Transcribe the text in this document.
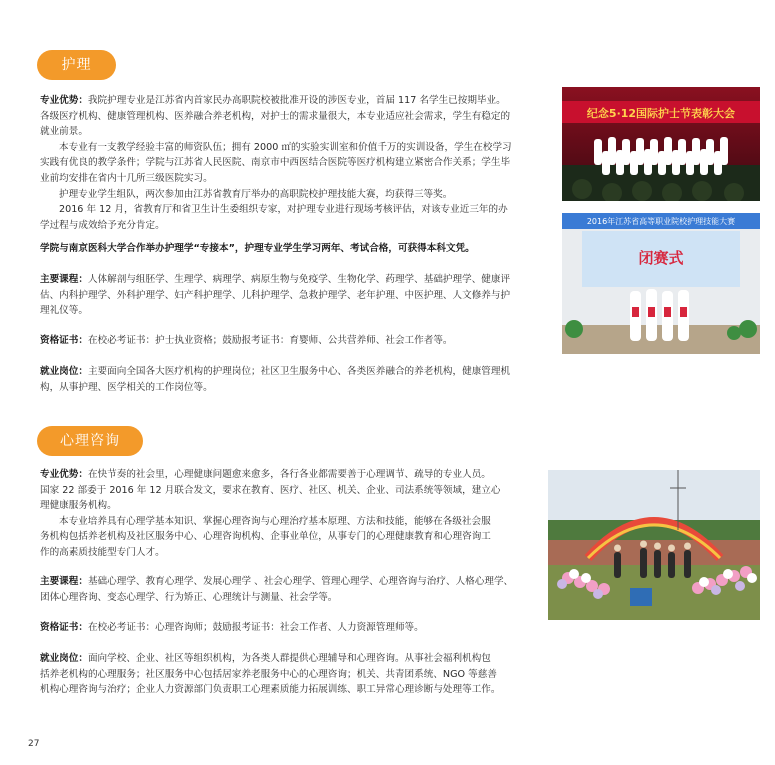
护理
专业优势：我院护理专业是江苏省内首家民办高职院校被批准开设的涉医专业，首届 117 名学生已按期毕业。
各级医疗机构、健康管理机构、医养融合养老机构，对护士的需求量很大，本专业适应社会需求，学生有稳定的
就业前景。
本专业有一支教学经验丰富的师资队伍；拥有 2000 ㎡的实验实训室和价值千万的实训设备，学生在校学习
实践有优良的教学条件；学院与江苏省人民医院、南京市中西医结合医院等医疗机构建立紧密合作关系；学生毕
业前均安排在省内十几所三级医院实习。
护理专业学生组队，两次参加由江苏省教育厅举办的高职院校护理技能大赛，均获得三等奖。
2016 年 12 月，省教育厅和省卫生计生委组织专家，对护理专业进行现场考核评估，对该专业近三年的办
学过程与成效给予充分肯定。
学院与南京医科大学合作举办护理学“专接本”，护理专业学生学习两年、考试合格，可获得本科文凭。
主要课程：人体解剖与组胚学、生理学、病理学、病原生物与免疫学、生物化学、药理学、基础护理学、健康评
估、内科护理学、外科护理学、妇产科护理学、儿科护理学、急救护理学、老年护理、中医护理、人文修养与护
理礼仪等。
资格证书：在校必考证书：护士执业资格；鼓励报考证书：育婴师、公共营养师、社会工作者等。
就业岗位：主要面向全国各大医疗机构的护理岗位；社区卫生服务中心、各类医养融合的养老机构，健康管理机
构，从事护理、医学相关的工作岗位等。
纪念5·12国际护士节表彰大会
2016年江苏省高等职业院校护理技能大赛
闭赛式
心理咨询
专业优势：在快节奏的社会里，心理健康问题愈来愈多，各行各业都需要善于心理调节、疏导的专业人员。
国家 22 部委于 2016 年 12 月联合发文，要求在教育、医疗、社区、机关、企业、司法系统等领域，建立心
理健康服务机构。
本专业培养具有心理学基本知识、掌握心理咨询与心理治疗基本原理、方法和技能，能够在各级社会服
务机构包括养老机构及社区服务中心、心理咨询机构、企事业单位，从事专门的心理健康教育和心理咨询工
作的高素质技能型专门人才。
主要课程：基础心理学、教育心理学、发展心理学 、社会心理学、管理心理学、心理咨询与治疗、人格心理学、
团体心理咨询、变态心理学、行为矫正、心理统计与测量、社会学等。
资格证书：在校必考证书：心理咨询师；鼓励报考证书：社会工作者、人力资源管理师等。
就业岗位：面向学校、企业、社区等组织机构，为各类人群提供心理辅导和心理咨询。从事社会福利机构包
括养老机构的心理服务；社区服务中心包括居家养老服务中心的心理咨询；机关、共青团系统、NGO 等慈善
机构心理咨询与治疗；企业人力资源部门负责职工心理素质能力拓展训练、职工异常心理诊断与处理等工作。
27
